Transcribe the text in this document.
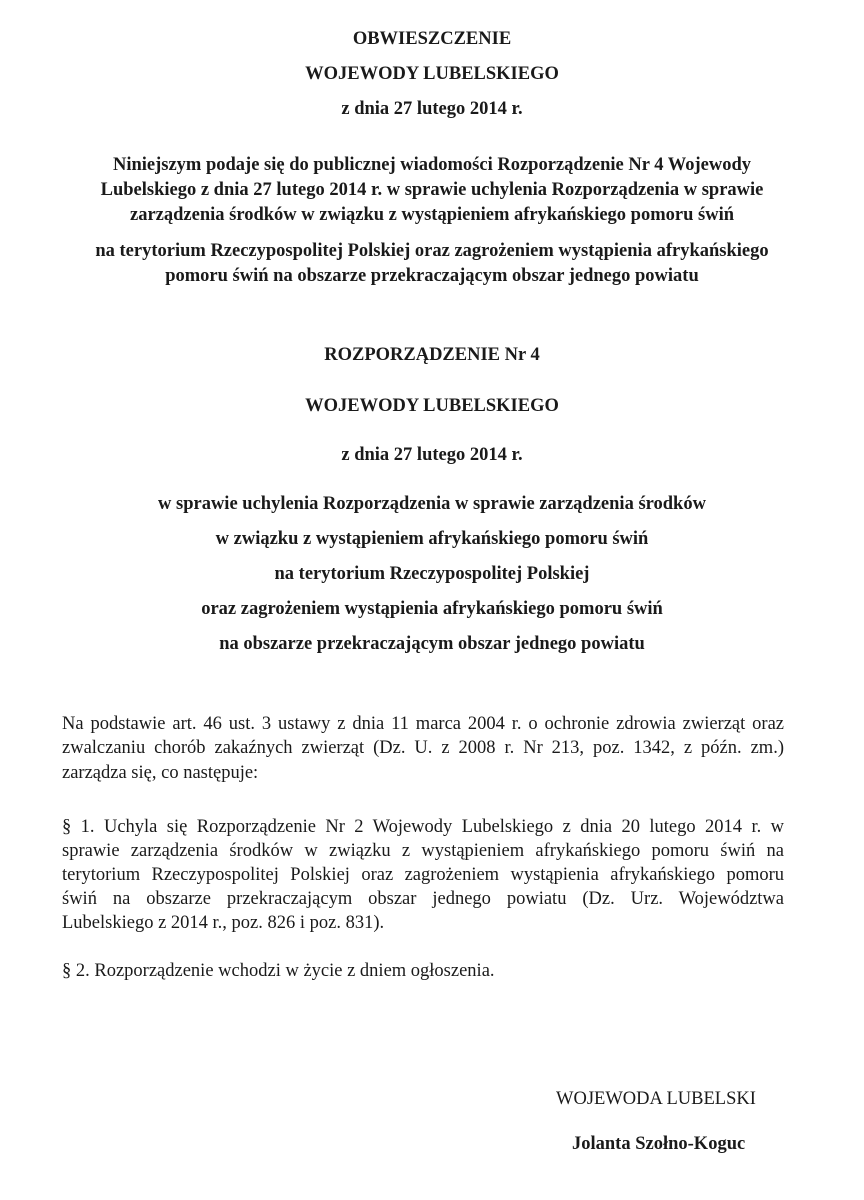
OBWIESZCZENIE
WOJEWODY LUBELSKIEGO
z dnia 27 lutego 2014 r.
Niniejszym podaje się do publicznej wiadomości Rozporządzenie Nr 4 Wojewody
Lubelskiego z dnia 27 lutego 2014 r. w sprawie uchylenia Rozporządzenia w sprawie
zarządzenia środków w związku z wystąpieniem afrykańskiego pomoru świń
na terytorium Rzeczypospolitej Polskiej oraz zagrożeniem wystąpienia afrykańskiego
pomoru świń na obszarze przekraczającym obszar jednego powiatu
ROZPORZĄDZENIE Nr 4
WOJEWODY LUBELSKIEGO
z dnia 27 lutego 2014 r.
w sprawie uchylenia Rozporządzenia w sprawie zarządzenia środków
w związku z wystąpieniem afrykańskiego pomoru świń
na terytorium Rzeczypospolitej Polskiej
oraz zagrożeniem wystąpienia afrykańskiego pomoru świń
na obszarze przekraczającym obszar jednego powiatu
Na podstawie art. 46 ust. 3 ustawy z dnia 11 marca 2004 r. o ochronie zdrowia zwierząt oraz
zwalczaniu chorób zakaźnych zwierząt (Dz. U. z 2008 r. Nr 213, poz. 1342, z późn. zm.)
zarządza się, co następuje:
§ 1. Uchyla się Rozporządzenie Nr 2 Wojewody Lubelskiego z dnia 20 lutego 2014 r. w
sprawie zarządzenia środków w związku z wystąpieniem afrykańskiego pomoru świń na
terytorium Rzeczypospolitej Polskiej oraz zagrożeniem wystąpienia afrykańskiego pomoru
świń na obszarze przekraczającym obszar jednego powiatu (Dz. Urz. Województwa
Lubelskiego z 2014 r., poz. 826 i poz. 831).
§ 2. Rozporządzenie wchodzi w życie z dniem ogłoszenia.
WOJEWODA LUBELSKI
Jolanta Szołno-Koguc
